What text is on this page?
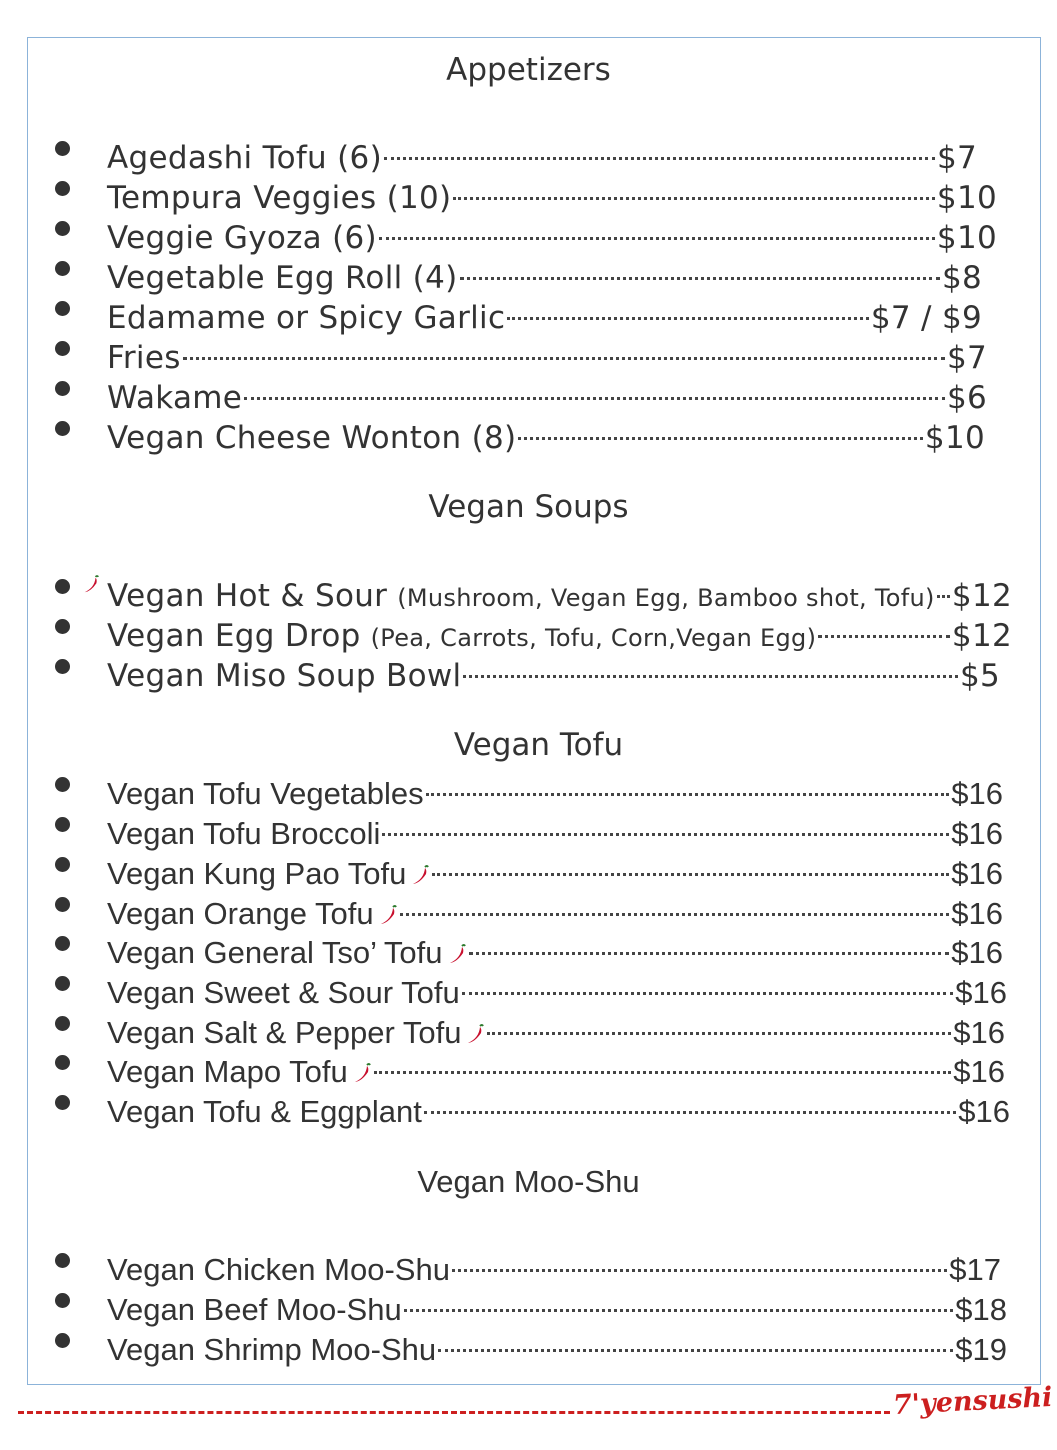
Appetizers
Agedashi Tofu (6)	$7
Tempura Veggies (10)	$10
Veggie Gyoza (6)	$10
Vegetable Egg Roll (4)	$8
Edamame or Spicy Garlic	$7 / $9
Fries	$7
Wakame	$6
Vegan Cheese Wonton (8)	$10
Vegan Soups
Vegan Hot & Sour (Mushroom, Vegan Egg, Bamboo shot, Tofu) $12
Vegan Egg Drop (Pea, Carrots, Tofu, Corn,Vegan Egg)	$12
Vegan Miso Soup Bowl	$5
Vegan Tofu
Vegan Tofu Vegetables	$16
Vegan Tofu Broccoli	$16
Vegan Kung Pao Tofu	$16
Vegan Orange Tofu	$16
Vegan General Tso’ Tofu	$16
Vegan Sweet & Sour Tofu	$16
Vegan Salt & Pepper Tofu	$16
Vegan Mapo Tofu	$16
Vegan Tofu & Eggplant	$16
Vegan Moo-Shu
Vegan Chicken Moo-Shu	$17
Vegan Beef Moo-Shu	$18
Vegan Shrimp Moo-Shu	$19
7'yensushi
